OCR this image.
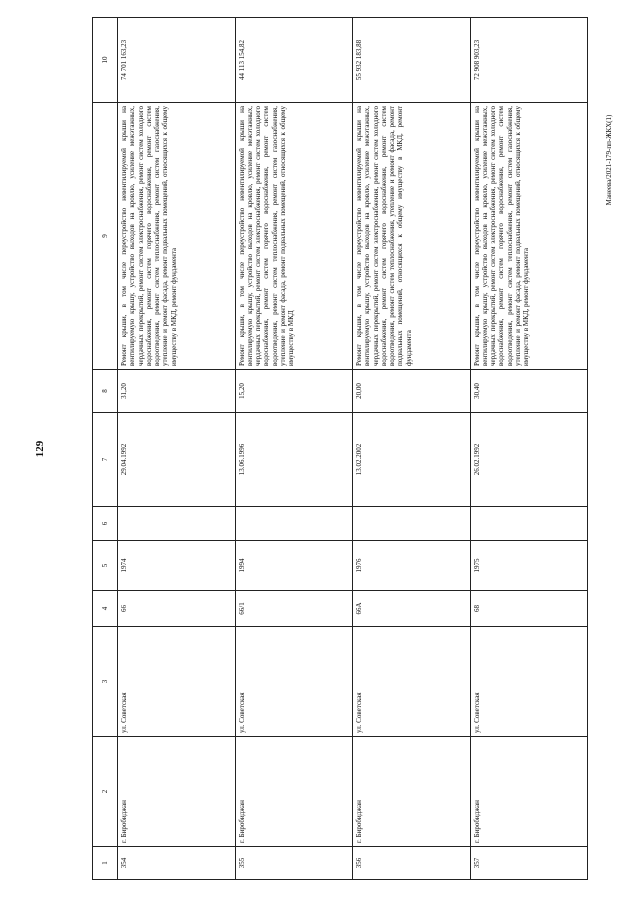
129
Манеева/2021-179-пп-ЖКХ(1)
1	2	3	4	5	6	7	8	9	10
354	г. Биробиджан	ул. Советская	66	1974		29.04.1992	31,20	Ремонт крыши, в том числе переустройство невентилируемой крыши на вентилируемую крышу, устройство выходов на кровлю, усиление межэтажных, чердачных перекрытий, ремонт систем электроснабжения, ремонт систем холодного водоснабжения, ремонт систем горячего водоснабжения, ремонт систем водоотведения, ремонт систем теплоснабжения, ремонт систем газоснабжения, утепление и ремонт фасада, ремонт подвальных помещений, относящихся к общему имуществу в МКД, ремонт фундамента	74 701 163,23
355	г. Биробиджан	ул. Советская	66/1	1994		13.06.1996	15,20	Ремонт крыши, в том числе переустройство невентилируемой крыши на вентилируемую крышу, устройство выходов на кровлю, усиление межэтажных, чердачных перекрытий, ремонт систем электроснабжения, ремонт систем холодного водоснабжения, ремонт систем горячего водоснабжения, ремонт систем водоотведения, ремонт систем теплоснабжения, ремонт систем газоснабжения, утепление и ремонт фасада, ремонт подвальных помещений, относящихся к общему имуществу в МКД	44 113 154,82
356	г. Биробиджан	ул. Советская	66А	1976		13.02.2002	20,00	Ремонт крыши, в том числе переустройство невентилируемой крыши на вентилируемую крышу, устройство выходов на кровлю, усиление межэтажных, чердачных перекрытий, ремонт систем электроснабжения, ремонт систем холодного водоснабжения, ремонт систем горячего водоснабжения, ремонт систем водоотведения, ремонт систем теплоснабжения, утепление и ремонт фасада, ремонт подвальных помещений, относящихся к общему имуществу в МКД, ремонт фундамента	55 932 183,88
357	г. Биробиджан	ул. Советская	68	1975		26.02.1992	30,40	Ремонт крыши, в том числе переустройство невентилируемой крыши на вентилируемую крышу, устройство выходов на кровлю, усиление межэтажных, чердачных перекрытий, ремонт систем электроснабжения, ремонт систем холодного водоснабжения, ремонт систем горячего водоснабжения, ремонт систем водоотведения, ремонт систем теплоснабжения, ремонт систем газоснабжения, утепление и ремонт фасада, ремонт подвальных помещений, относящихся к общему имуществу в МКД, ремонт фундамента	72 908 903,23
